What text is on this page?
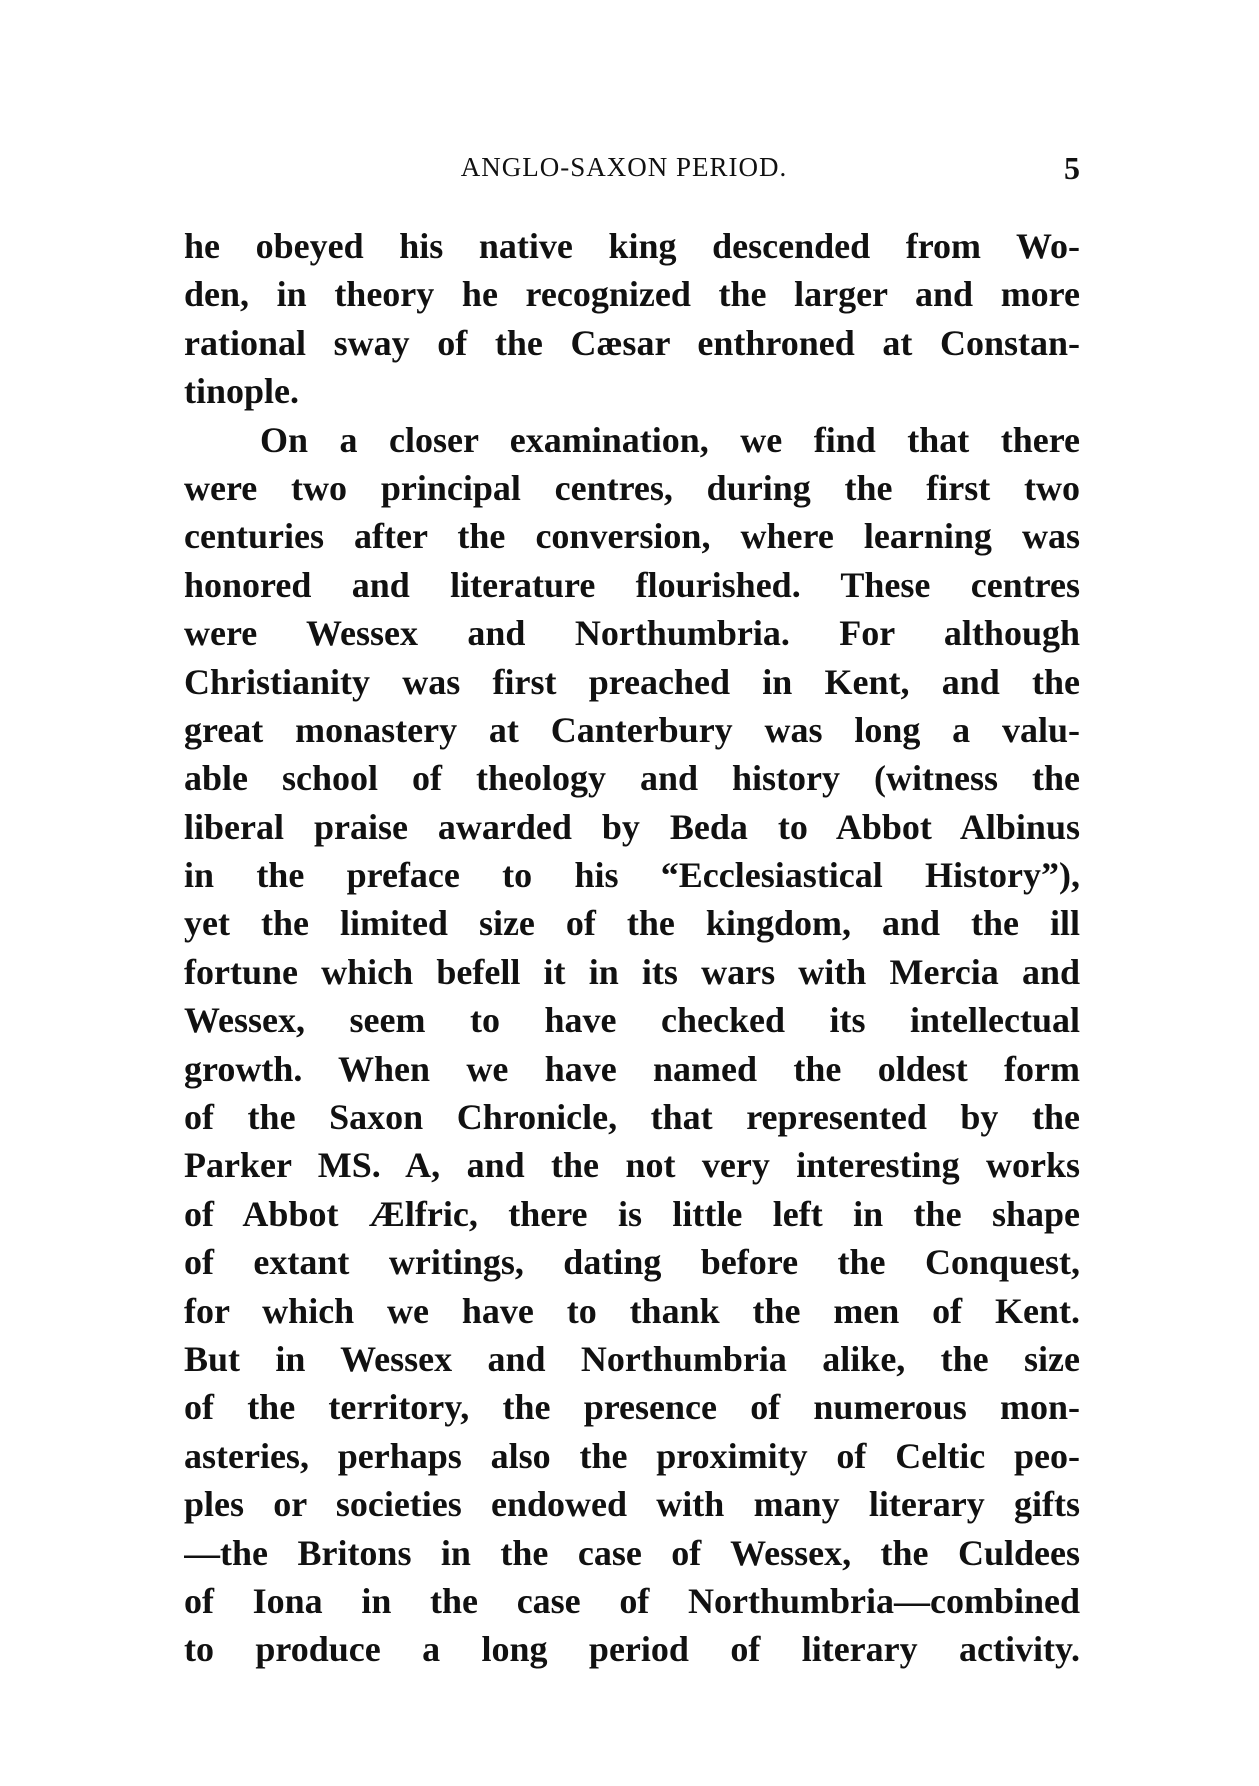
ANGLO-SAXON PERIOD.	5
he obeyed his native king descended from Wo-
den, in theory he recognized the larger and more
rational sway of the Cæsar enthroned at Constan-
tinople.
On a closer examination, we find that there
were two principal centres, during the first two
centuries after the conversion, where learning was
honored and literature flourished. These centres
were Wessex and Northumbria. For although
Christianity was first preached in Kent, and the
great monastery at Canterbury was long a valu-
able school of theology and history (witness the
liberal praise awarded by Beda to Abbot Albinus
in the preface to his “Ecclesiastical History”),
yet the limited size of the kingdom, and the ill
fortune which befell it in its wars with Mercia and
Wessex, seem to have checked its intellectual
growth. When we have named the oldest form
of the Saxon Chronicle, that represented by the
Parker MS. A, and the not very interesting works
of Abbot Ælfric, there is little left in the shape
of extant writings, dating before the Conquest,
for which we have to thank the men of Kent.
But in Wessex and Northumbria alike, the size
of the territory, the presence of numerous mon-
asteries, perhaps also the proximity of Celtic peo-
ples or societies endowed with many literary gifts
—the Britons in the case of Wessex, the Culdees
of Iona in the case of Northumbria—combined
to produce a long period of literary activity.
